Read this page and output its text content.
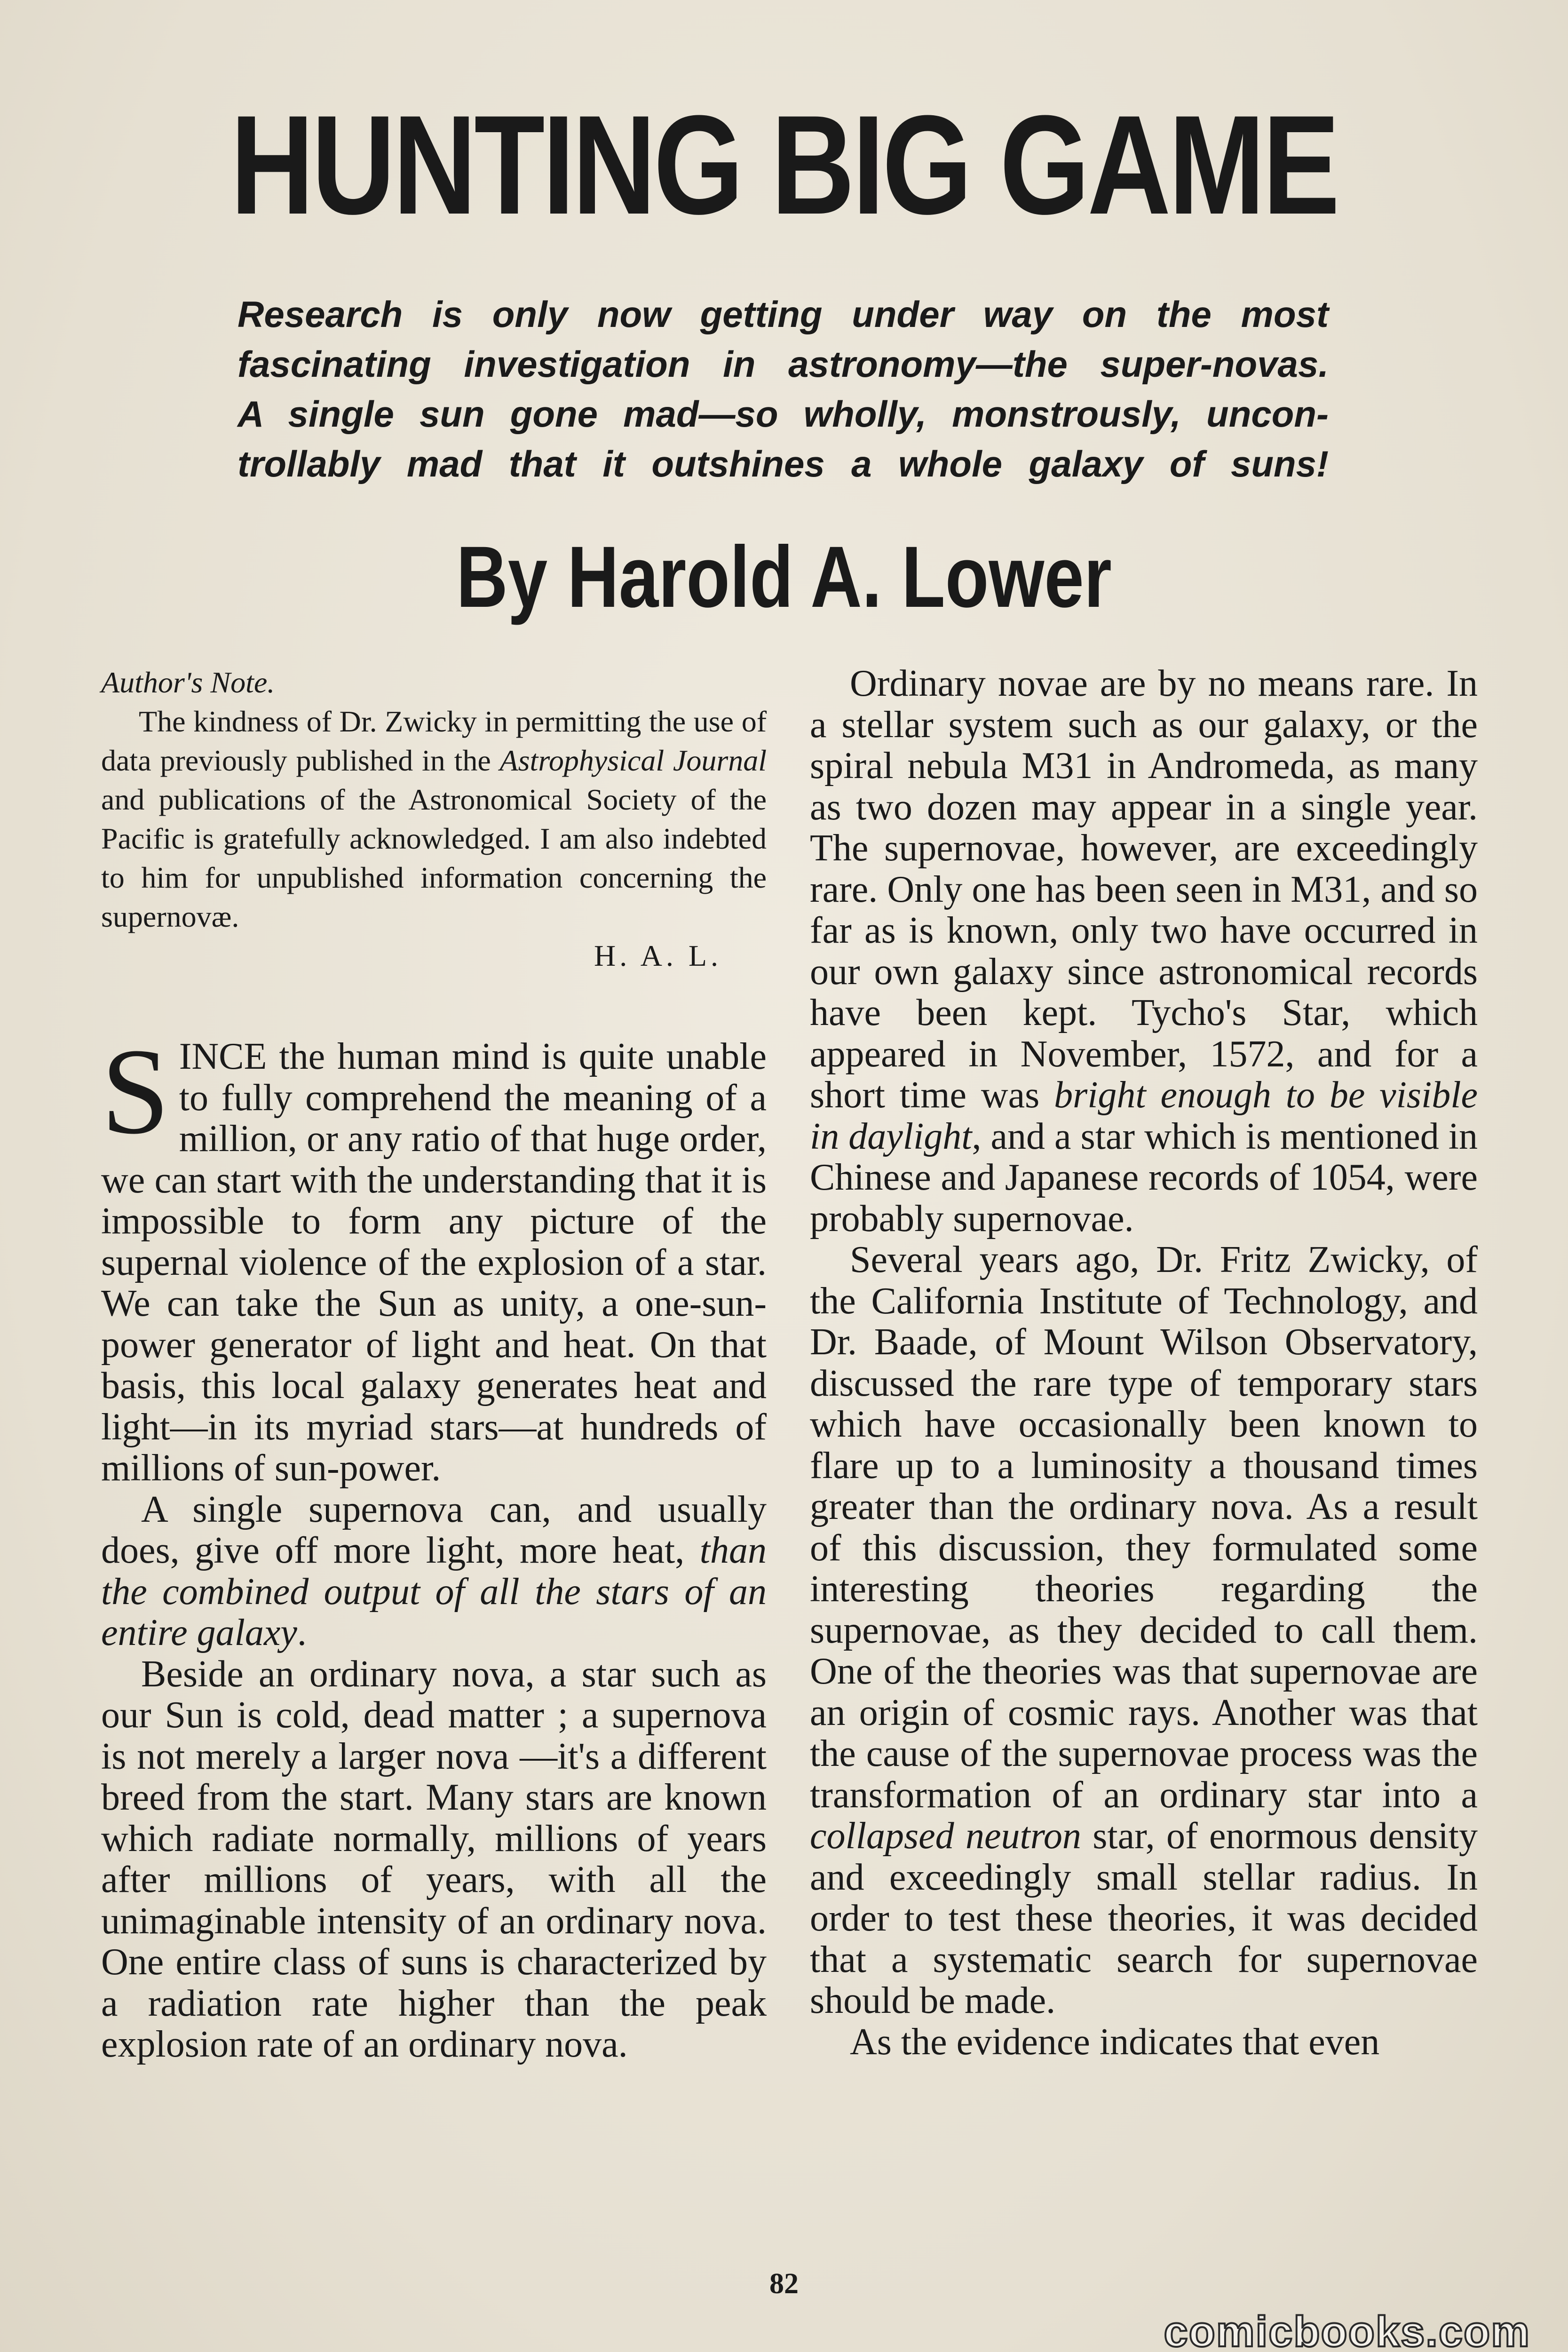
HUNTING BIG GAME
Research is only now getting under way on the most
fascinating investigation in astronomy—the super-novas.
A single sun gone mad—so wholly, monstrously, uncon-
trollably mad that it outshines a whole galaxy of suns!
By Harold A. Lower
Author's Note.

The kindness of Dr. Zwicky in permitting the use of data previously published in the Astrophysical Journal and publications of the Astronomical Society of the Pacific is gratefully acknowledged. I am also indebted to him for unpublished information concerning the supernovæ.

H. A. L.

SINCE the human mind is quite unable to fully comprehend the meaning of a million, or any ratio of that huge order, we can start with the understanding that it is impossible to form any picture of the supernal violence of the explosion of a star. We can take the Sun as unity, a one-sun-power generator of light and heat. On that basis, this local galaxy generates heat and light—in its myriad stars—at hundreds of millions of sun-power.

A single supernova can, and usually does, give off more light, more heat, than the combined output of all the stars of an entire galaxy.

Beside an ordinary nova, a star such as our Sun is cold, dead matter ; a supernova is not merely a larger nova —it's a different breed from the start. Many stars are known which radiate normally, millions of years after millions of years, with all the unimaginable intensity of an ordinary nova. One entire class of suns is characterized by a radiation rate higher than the peak explosion rate of an ordinary nova.

Ordinary novae are by no means rare. In a stellar system such as our galaxy, or the spiral nebula M31 in Andromeda, as many as two dozen may appear in a single year. The supernovae, however, are exceedingly rare. Only one has been seen in M31, and so far as is known, only two have occurred in our own galaxy since astronomical records have been kept. Tycho's Star, which appeared in November, 1572, and for a short time was bright enough to be visible in daylight, and a star which is mentioned in Chinese and Japanese records of 1054, were probably supernovae.

Several years ago, Dr. Fritz Zwicky, of the California Institute of Technology, and Dr. Baade, of Mount Wilson Observatory, discussed the rare type of temporary stars which have occasionally been known to flare up to a luminosity a thousand times greater than the ordinary nova. As a result of this discussion, they formulated some interesting theories regarding the supernovae, as they decided to call them. One of the theories was that supernovae are an origin of cosmic rays. Another was that the cause of the supernovae process was the transformation of an ordinary star into a collapsed neutron star, of enormous density and exceedingly small stellar radius. In order to test these theories, it was decided that a systematic search for supernovae should be made.

As the evidence indicates that even

82
comicbooks.com
